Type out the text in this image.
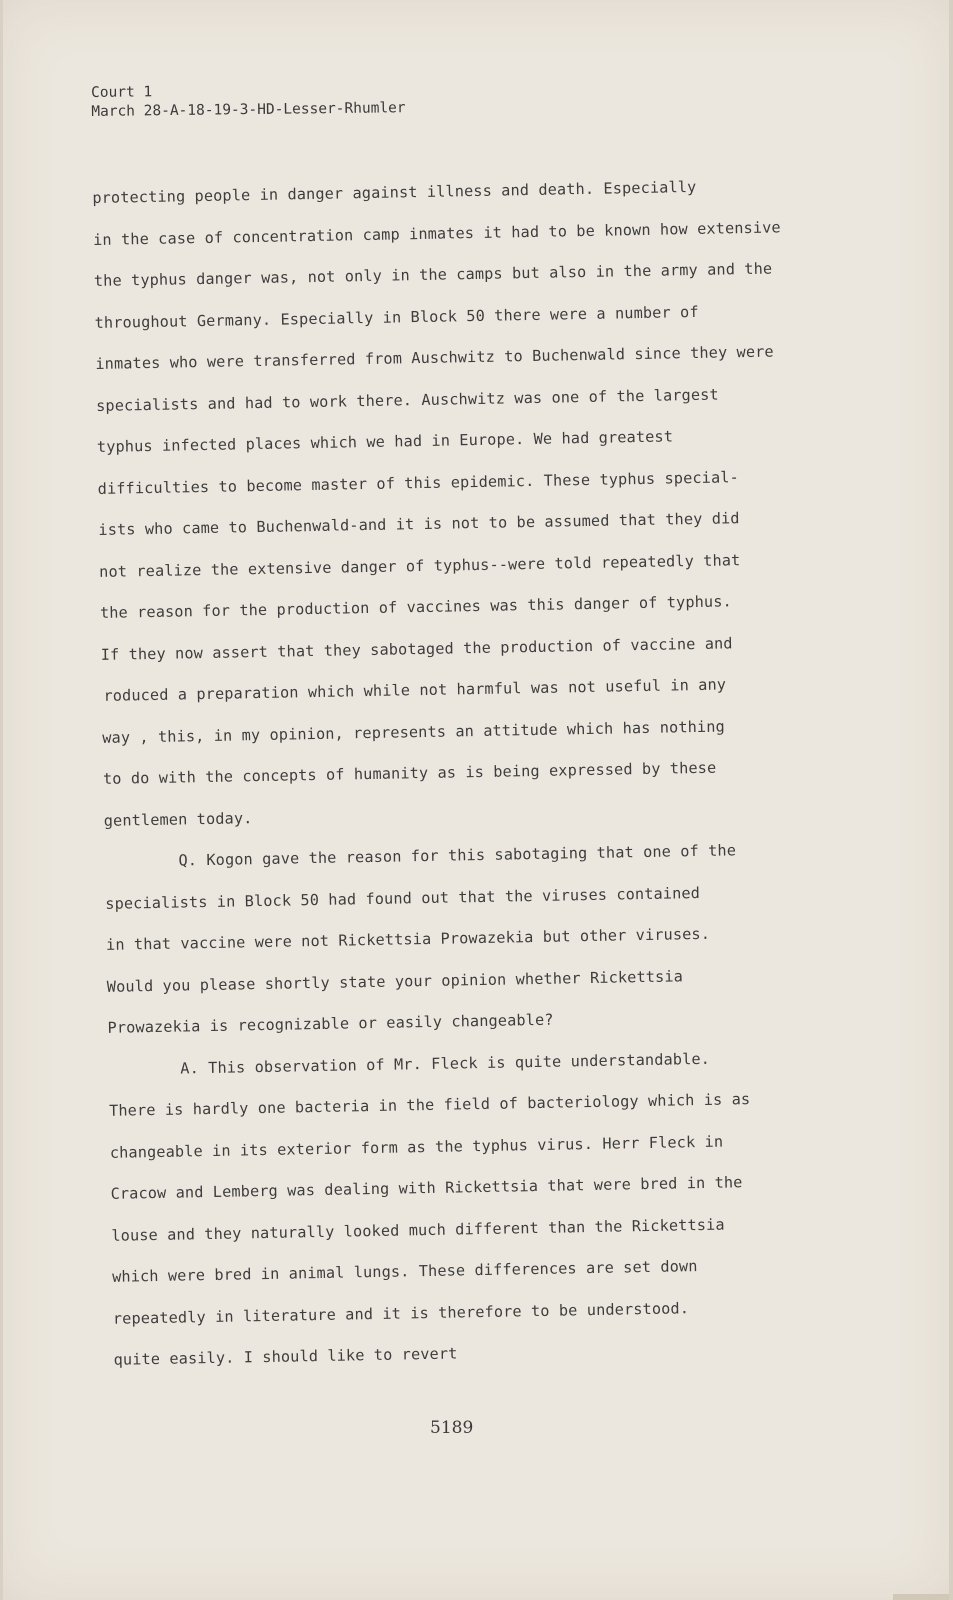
Court 1
March 28-A-18-19-3-HD-Lesser-Rhumler
protecting people in danger against illness and death. Especially
in the case of concentration camp inmates it had to be known how extensive
the typhus danger was, not only in the camps but also in the army and the
throughout Germany. Especially in Block 50 there were a number of
inmates who were transferred from Auschwitz to Buchenwald since they were
specialists and had to work there. Auschwitz was one of the largest
typhus infected places which we had in Europe. We had greatest
difficulties to become master of this epidemic. These typhus special-
ists who came to Buchenwald-and it is not to be assumed that they did
not realize the extensive danger of typhus--were told repeatedly that
the reason for the production of vaccines was this danger of typhus.
If they now assert that they sabotaged the production of vaccine and
roduced a preparation which while not harmful was not useful in any
way , this, in my opinion, represents an attitude which has nothing
to do with the concepts of humanity as is being expressed by these
gentlemen today.
Q. Kogon gave the reason for this sabotaging that one of the
specialists in Block 50 had found out that the viruses contained
in that vaccine were not Rickettsia Prowazekia but other viruses.
Would you please shortly state your opinion whether Rickettsia
Prowazekia is recognizable or easily changeable?
A. This observation of Mr. Fleck is quite understandable.
There is hardly one bacteria in the field of bacteriology which is as
changeable in its exterior form as the typhus virus. Herr Fleck in
Cracow and Lemberg was dealing with Rickettsia that were bred in the
louse and they naturally looked much different than the Rickettsia
which were bred in animal lungs. These differences are set down
repeatedly in literature and it is therefore to be understood.
quite easily. I should like to revert
5189
